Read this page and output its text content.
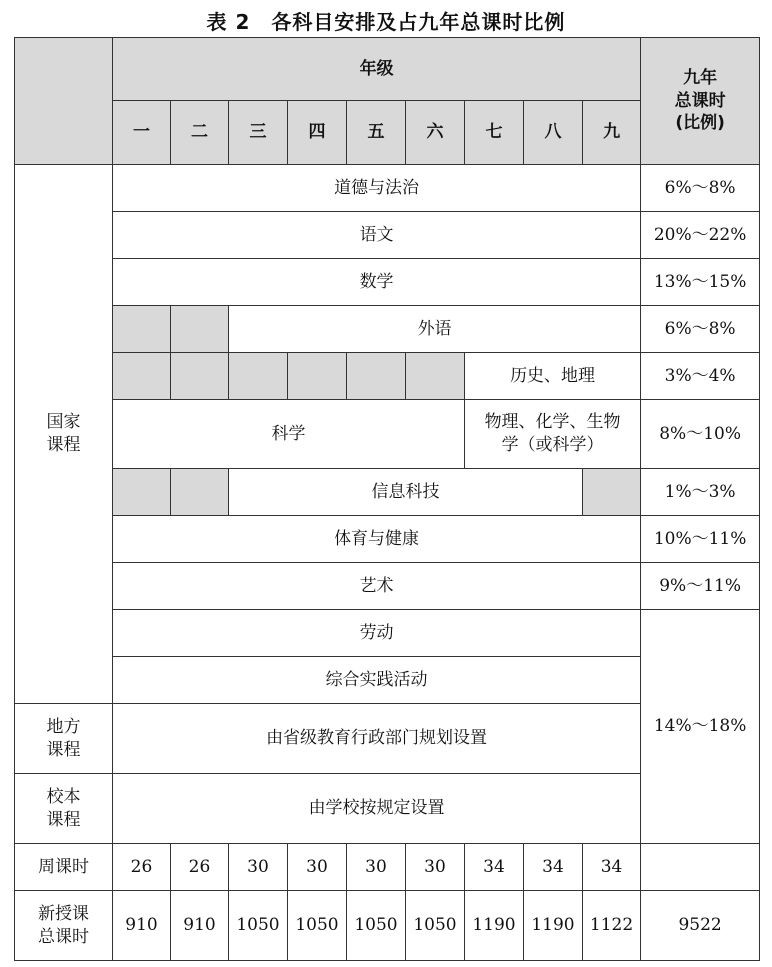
表 2　各科目安排及占九年总课时比例
	年级									九年
总课时
(比例)

	一	二	三	四	五	六	七	八	九	

国家
课程	道德与法治									6%～8%
	语文									20%～22%
	数学									13%～15%
			外语							6%～8%
							历史、地理			3%～4%
	科学						物理、化学、生物
学（或科学）			8%～10%
			信息科技							1%～3%
	体育与健康									10%～11%
	艺术									9%～11%
	劳动									14%～18%
	综合实践活动									

地方
课程	由省级教育行政部门规划设置									

校本
课程	由学校按规定设置									
周课时	26	26	30	30	30	30	34	34	34	

新授课
总课时	910	910	1050	1050	1050	1050	1190	1190	1122	9522
